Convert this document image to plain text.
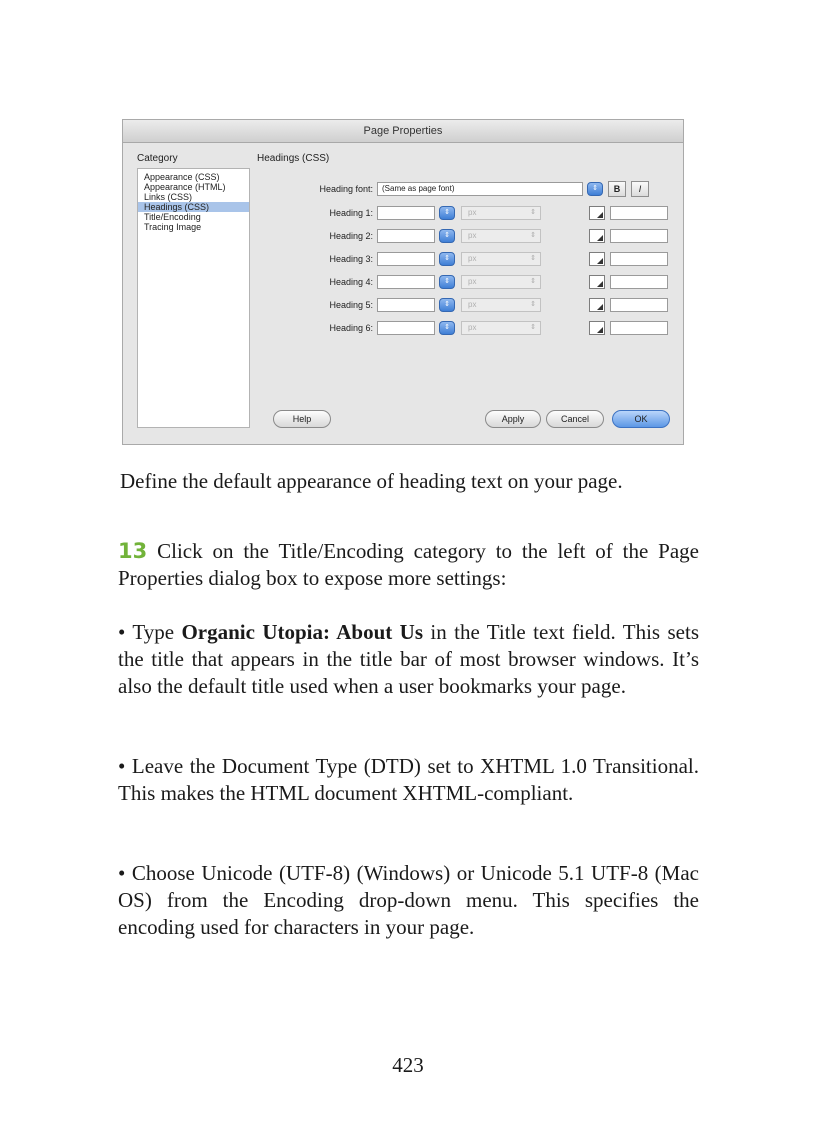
Page Properties
Category	Headings (CSS)
Appearance (CSS)
Appearance (HTML)
Links (CSS)
Headings (CSS)
Title/Encoding
Tracing Image
Heading font:	(Same as page font)	⇕	B	I
Heading 1:	⇕	px	⇕
Heading 2:	⇕	px	⇕
Heading 3:	⇕	px	⇕
Heading 4:	⇕	px	⇕
Heading 5:	⇕	px	⇕
Heading 6:	⇕	px	⇕
Help	Apply	Cancel	OK
Define the default appearance of heading text on your page.
13 Click on the Title/Encoding category to the left of the Page Properties dialog box to expose more settings:
• Type Organic Utopia: About Us in the Title text field. This sets the title that appears in the title bar of most browser windows. It’s also the default title used when a user bookmarks your page.
• Leave the Document Type (DTD) set to XHTML 1.0 Transitional. This makes the HTML document XHTML-compliant.
• Choose Unicode (UTF-8) (Windows) or Unicode 5.1 UTF-8 (Mac OS) from the Encoding drop-down menu. This specifies the encoding used for characters in your page.
423
